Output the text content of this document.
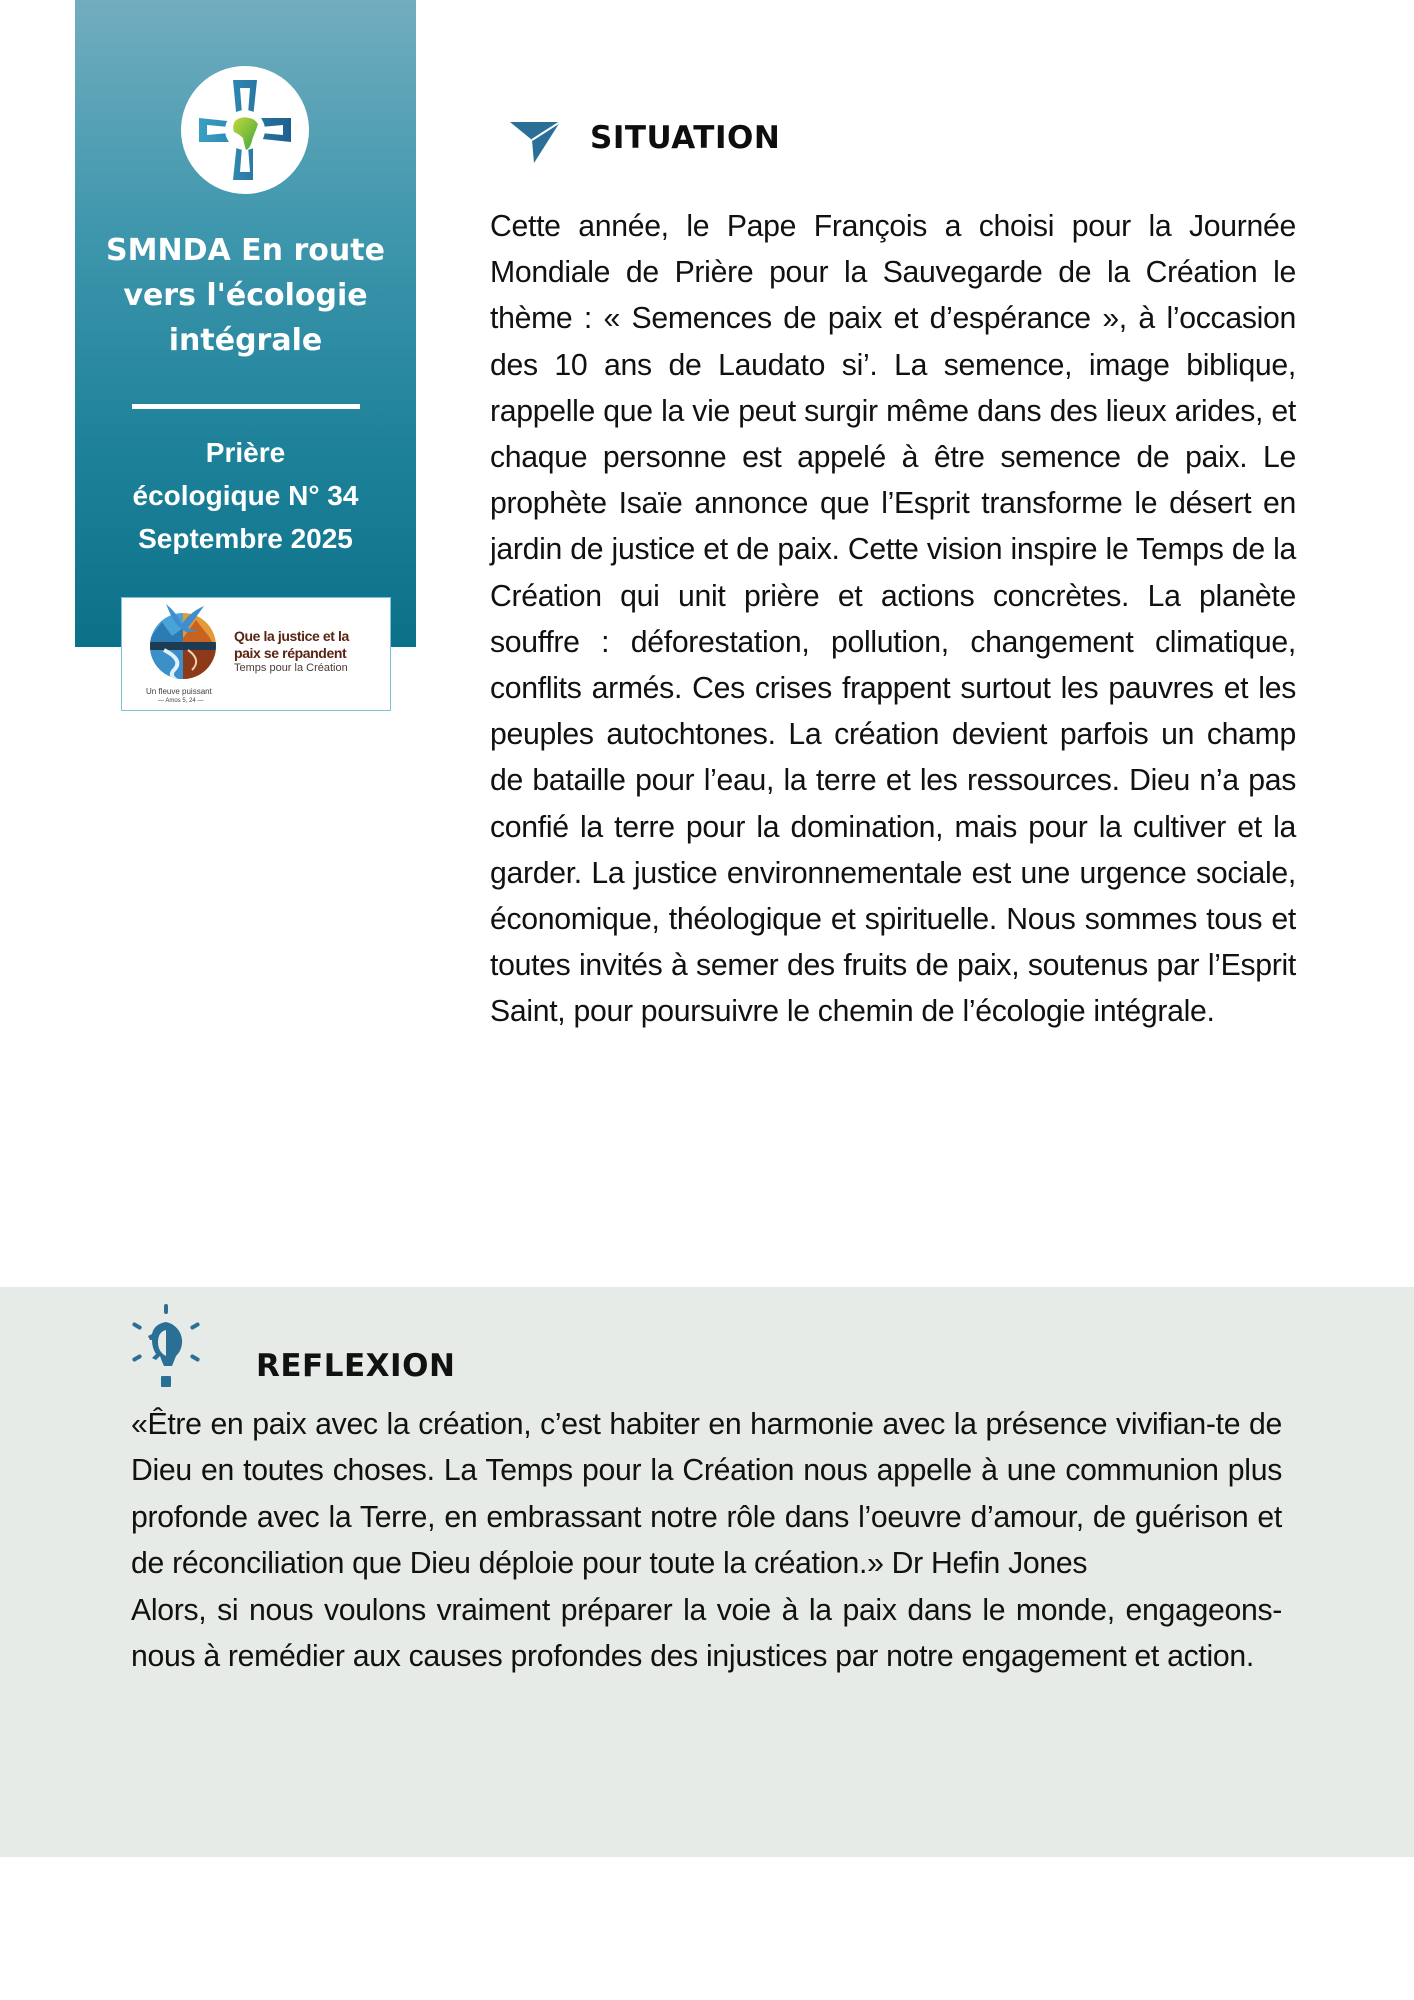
SMNDA En route
vers l'écologie
intégrale
Prière
écologique N° 34
Septembre 2025
Que la justice et la
paix se répandent
Temps pour la Création
Un fleuve puissant
— Amos 5, 24 —
SITUATION
Cette année, le Pape François a choisi pour la Journée Mondiale de Prière pour la Sauvegarde de la Création le thème : « Semences de paix et d’espérance », à l’occasion des 10 ans de Laudato si’. La semence, image biblique, rappelle que la vie peut surgir même dans des lieux arides, et chaque personne est appelé à être semence de paix. Le prophète Isaïe annonce que l’Esprit transforme le désert en jardin de justice et de paix. Cette vision inspire le Temps de la Création qui unit prière et actions concrètes. La planète souffre : déforestation, pollution, changement climatique, conflits armés. Ces crises frappent surtout les pauvres et les peuples autochtones. La création devient parfois un champ de bataille pour l’eau, la terre et les ressources. Dieu n’a pas confié la terre pour la domination, mais pour la cultiver et la garder. La justice environnementale est une urgence sociale, économique, théologique et spirituelle. Nous sommes tous et toutes invités à semer des fruits de paix, soutenus par l’Esprit Saint, pour poursuivre le chemin de l’écologie intégrale.
REFLEXION

«Être en paix avec la création, c’est habiter en harmonie avec la présence vivifian-te de Dieu en toutes choses. La Temps pour la Création nous appelle à une communion plus profonde avec la Terre, en embrassant notre rôle dans l’oeuvre d’amour, de guérison et de réconciliation que Dieu déploie pour toute la création.» Dr Hefin Jones

Alors, si nous voulons vraiment préparer la voie à la paix dans le monde, engageons-nous à remédier aux causes profondes des injustices par notre engagement et action.
